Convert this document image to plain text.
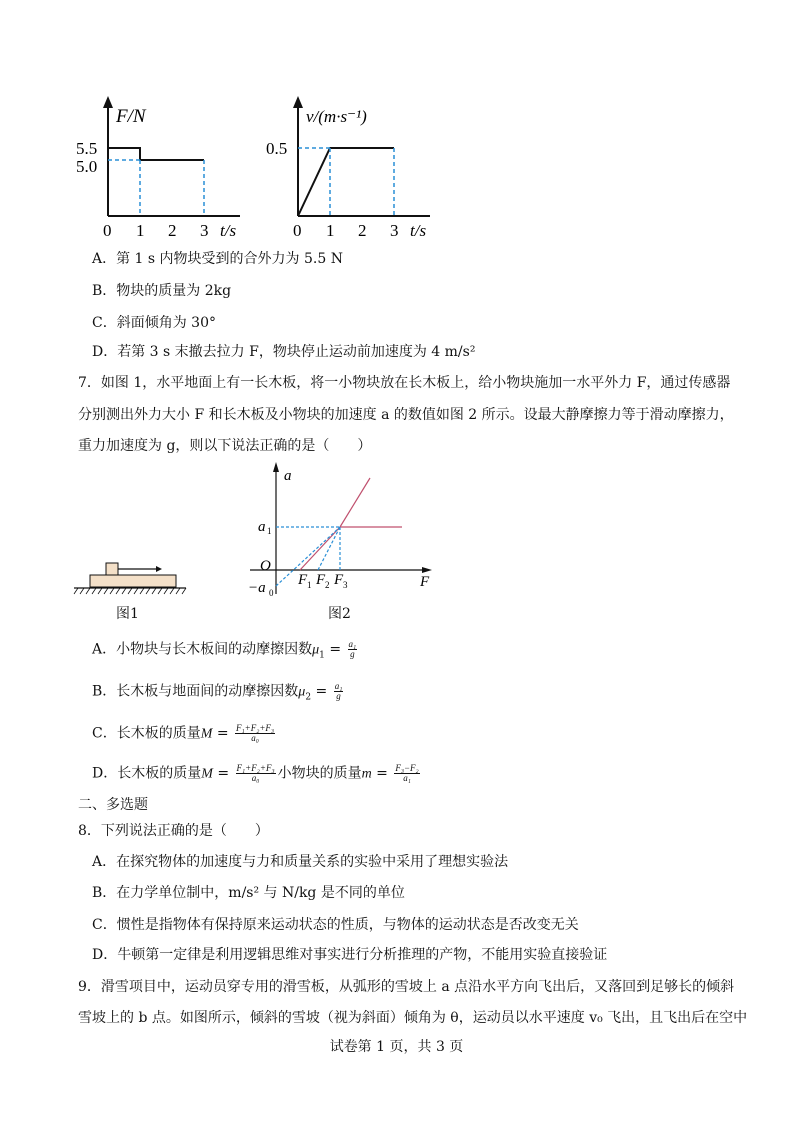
F/N
5.5
5.0
0 1 2 3 t/s
v/(m·s⁻¹)
0.5
0 1 2 3 t/s
A．第 1 s 内物块受到的合外力为 5.5 N
B．物块的质量为 2kg
C．斜面倾角为 30°
D．若第 3 s 末撤去拉力 F，物块停止运动前加速度为 4 m/s²
7．如图 1，水平地面上有一长木板，将一小物块放在长木板上，给小物块施加一水平外力 F，通过传感器
分别测出外力大小 F 和长木板及小物块的加速度 a 的数值如图 2 所示。设最大静摩擦力等于滑动摩擦力，
重力加速度为 g，则以下说法正确的是（　　）
图1
a
F
O
a 1
−a 0
F 1 F 2 F 3
图2
A．小物块与长木板间的动摩擦因数$\mu_1 = \frac{\text{a₁}}{g}$
B．长木板与地面间的动摩擦因数$\mu_2 = \frac{\text{a₁}}{g}$
C．长木板的质量$M = \frac{\text{F₁+F₂+F₃}}{\text{a₀}}$
D．长木板的质量$M = \frac{\text{F₁+F₂+F₃}}{\text{a₀}}$ 小物块的质量$m = \frac{\text{F₃−F₂}}{\text{a₁}}$
二、多选题
8．下列说法正确的是（　　）
A．在探究物体的加速度与力和质量关系的实验中采用了理想实验法
B．在力学单位制中，m/s² 与 N/kg 是不同的单位
C．惯性是指物体有保持原来运动状态的性质，与物体的运动状态是否改变无关
D．牛顿第一定律是利用逻辑思维对事实进行分析推理的产物，不能用实验直接验证
9．滑雪项目中，运动员穿专用的滑雪板，从弧形的雪坡上 a 点沿水平方向飞出后，又落回到足够长的倾斜
雪坡上的 b 点。如图所示，倾斜的雪坡（视为斜面）倾角为 θ，运动员以水平速度 v₀ 飞出，且飞出后在空中
试卷第 1 页，共 3 页
